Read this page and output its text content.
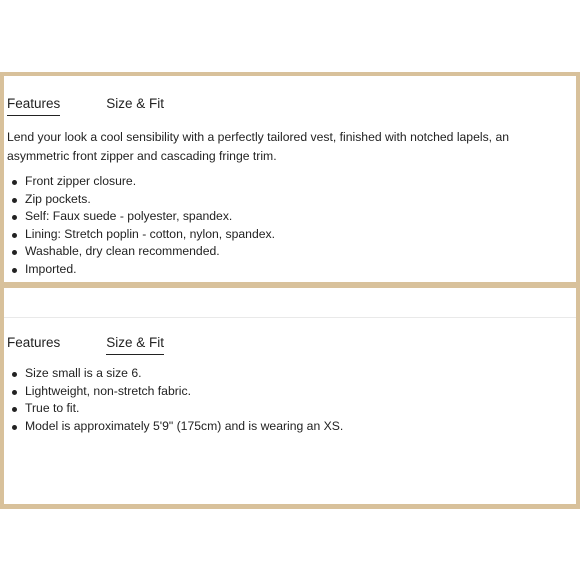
Features	Size & Fit

Lend your look a cool sensibility with a perfectly tailored vest, finished with notched lapels, an asymmetric front zipper and cascading fringe trim.

Front zipper closure.
Zip pockets.
Self: Faux suede - polyester, spandex.
Lining: Stretch poplin - cotton, nylon, spandex.
Washable, dry clean recommended.
Imported.
Features	Size & Fit
Size small is a size 6.
Lightweight, non-stretch fabric.
True to fit.
Model is approximately 5'9" (175cm) and is wearing an XS.
